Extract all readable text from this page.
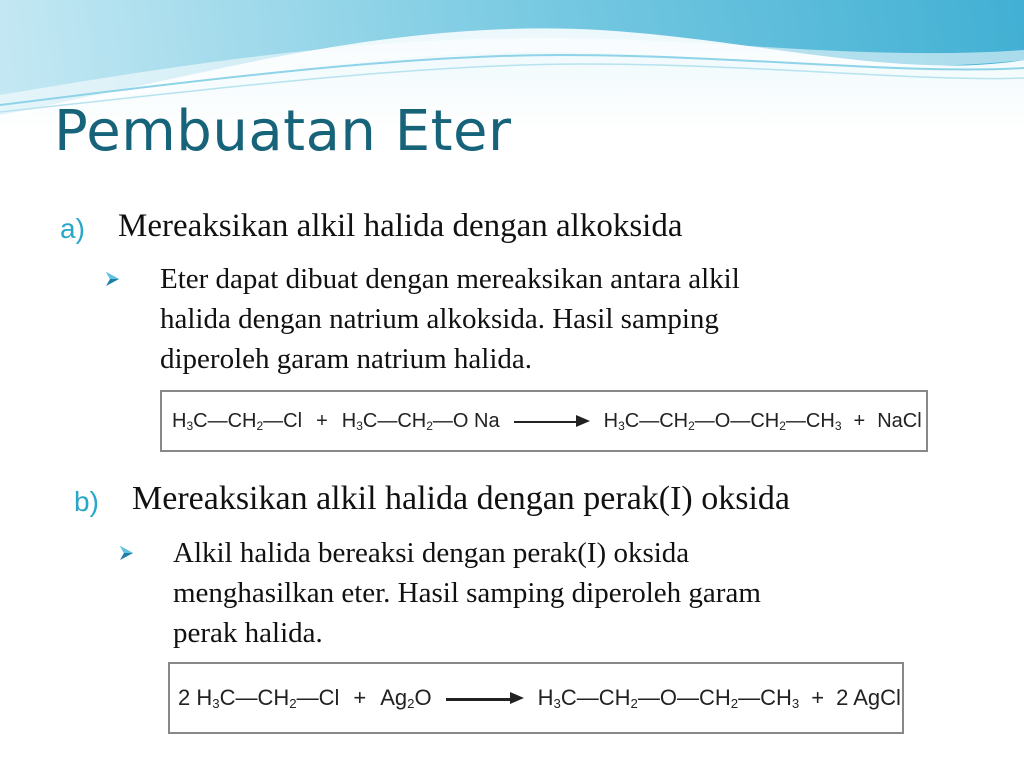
Pembuatan Eter
a) Mereaksikan alkil halida dengan alkoksida
Eter dapat dibuat dengan mereaksikan antara alkil
halida dengan natrium alkoksida. Hasil samping
diperoleh garam natrium halida.
$H_3C—CH_2—Cl$ + $H_3C—CH_2—O$ Na	$H_3C—CH_2—O—CH_2—CH_3$ + NaCl
b) Mereaksikan alkil halida dengan perak(I) oksida
Alkil halida bereaksi dengan perak(I) oksida
menghasilkan eter. Hasil samping diperoleh garam
perak halida.
2 $H_3C—CH_2—Cl + Ag_2O$	$H_3C—CH_2—O—CH_2—CH_3 + 2$ AgCl
